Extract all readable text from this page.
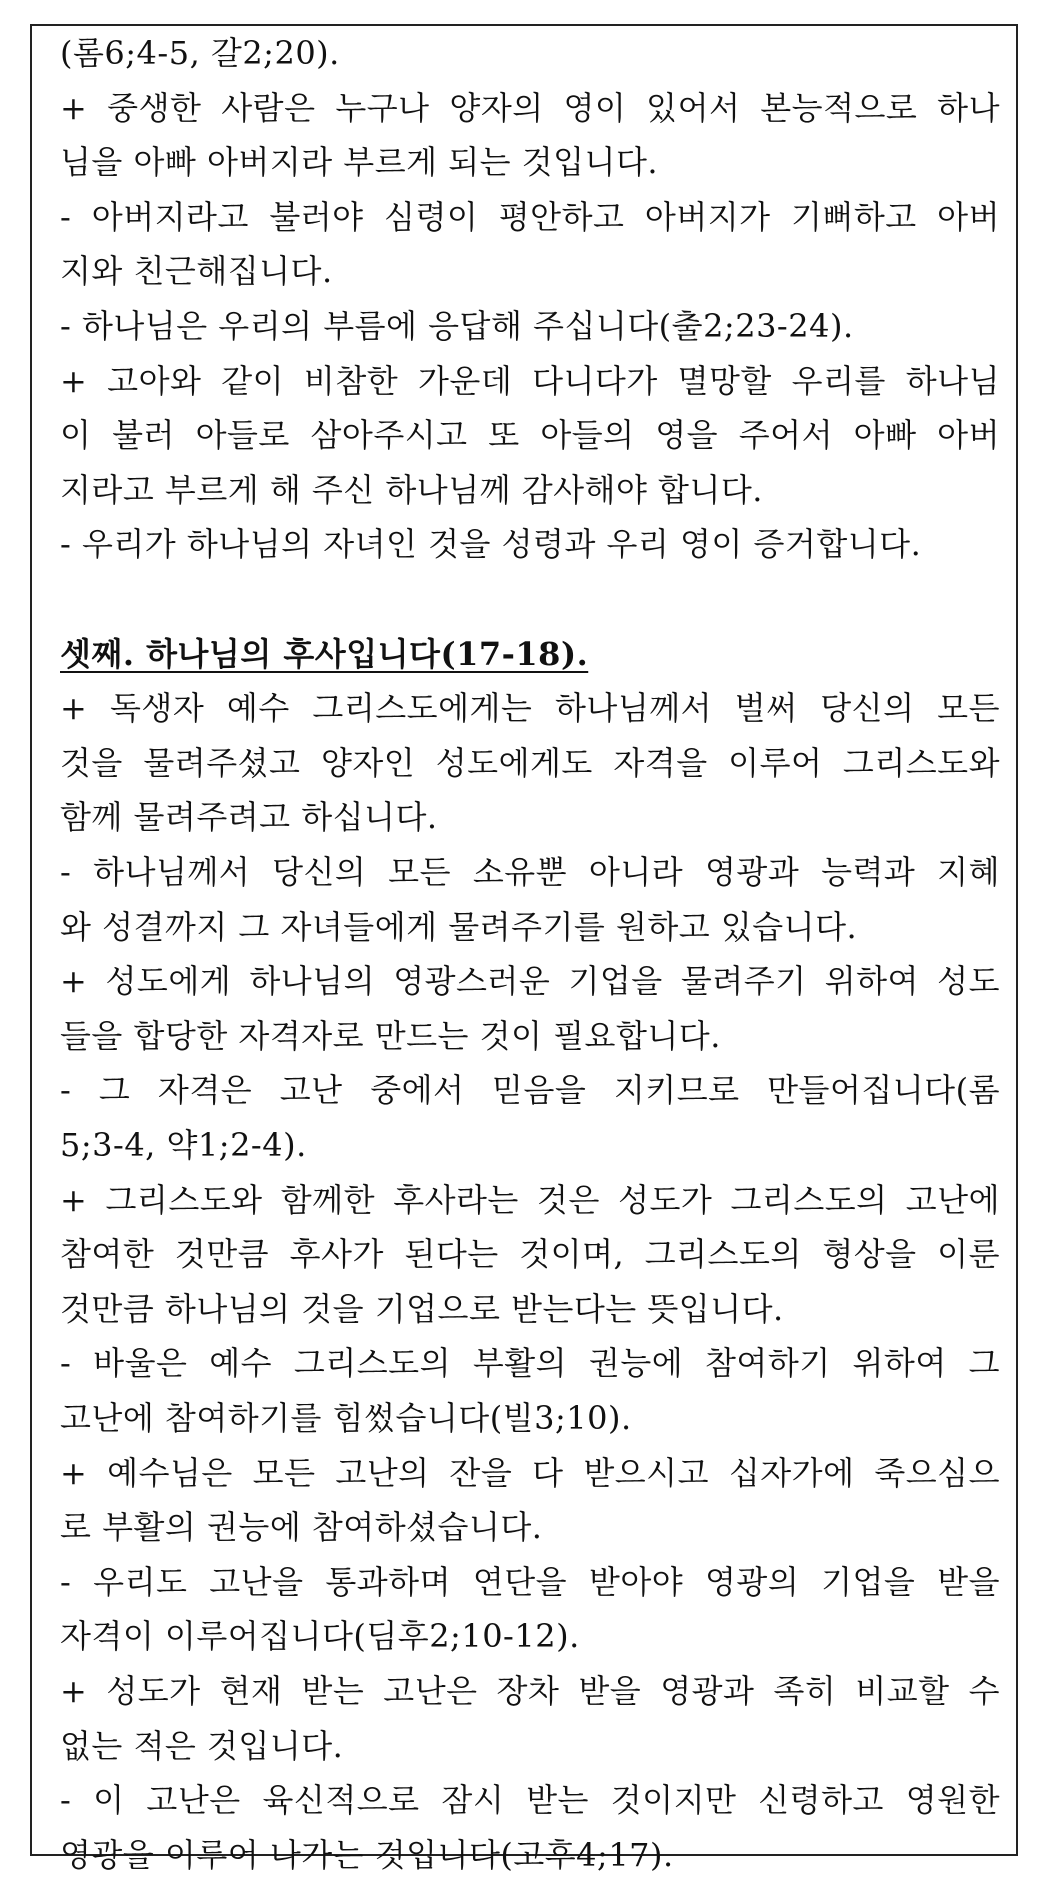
(롬6;4-5, 갈2;20).
+ 중생한 사람은 누구나 양자의 영이 있어서 본능적으로 하나
님을 아빠 아버지라 부르게 되는 것입니다.
- 아버지라고 불러야 심령이 평안하고 아버지가 기뻐하고 아버
지와 친근해집니다.
- 하나님은 우리의 부름에 응답해 주십니다(출2;23-24).
+ 고아와 같이 비참한 가운데 다니다가 멸망할 우리를 하나님
이 불러 아들로 삼아주시고 또 아들의 영을 주어서 아빠 아버
지라고 부르게 해 주신 하나님께 감사해야 합니다.
- 우리가 하나님의 자녀인 것을 성령과 우리 영이 증거합니다.
셋째. 하나님의 후사입니다(17-18).
+ 독생자 예수 그리스도에게는 하나님께서 벌써 당신의 모든
것을 물려주셨고 양자인 성도에게도 자격을 이루어 그리스도와
함께 물려주려고 하십니다.
- 하나님께서 당신의 모든 소유뿐 아니라 영광과 능력과 지혜
와 성결까지 그 자녀들에게 물려주기를 원하고 있습니다.
+ 성도에게 하나님의 영광스러운 기업을 물려주기 위하여 성도
들을 합당한 자격자로 만드는 것이 필요합니다.
- 그 자격은 고난 중에서 믿음을 지키므로 만들어집니다(롬
5;3-4, 약1;2-4).
+ 그리스도와 함께한 후사라는 것은 성도가 그리스도의 고난에
참여한 것만큼 후사가 된다는 것이며, 그리스도의 형상을 이룬
것만큼 하나님의 것을 기업으로 받는다는 뜻입니다.
- 바울은 예수 그리스도의 부활의 권능에 참여하기 위하여 그
고난에 참여하기를 힘썼습니다(빌3;10).
+ 예수님은 모든 고난의 잔을 다 받으시고 십자가에 죽으심으
로 부활의 권능에 참여하셨습니다.
- 우리도 고난을 통과하며 연단을 받아야 영광의 기업을 받을
자격이 이루어집니다(딤후2;10-12).
+ 성도가 현재 받는 고난은 장차 받을 영광과 족히 비교할 수
없는 적은 것입니다.
- 이 고난은 육신적으로 잠시 받는 것이지만 신령하고 영원한
영광을 이루어 나가는 것입니다(고후4;17).
